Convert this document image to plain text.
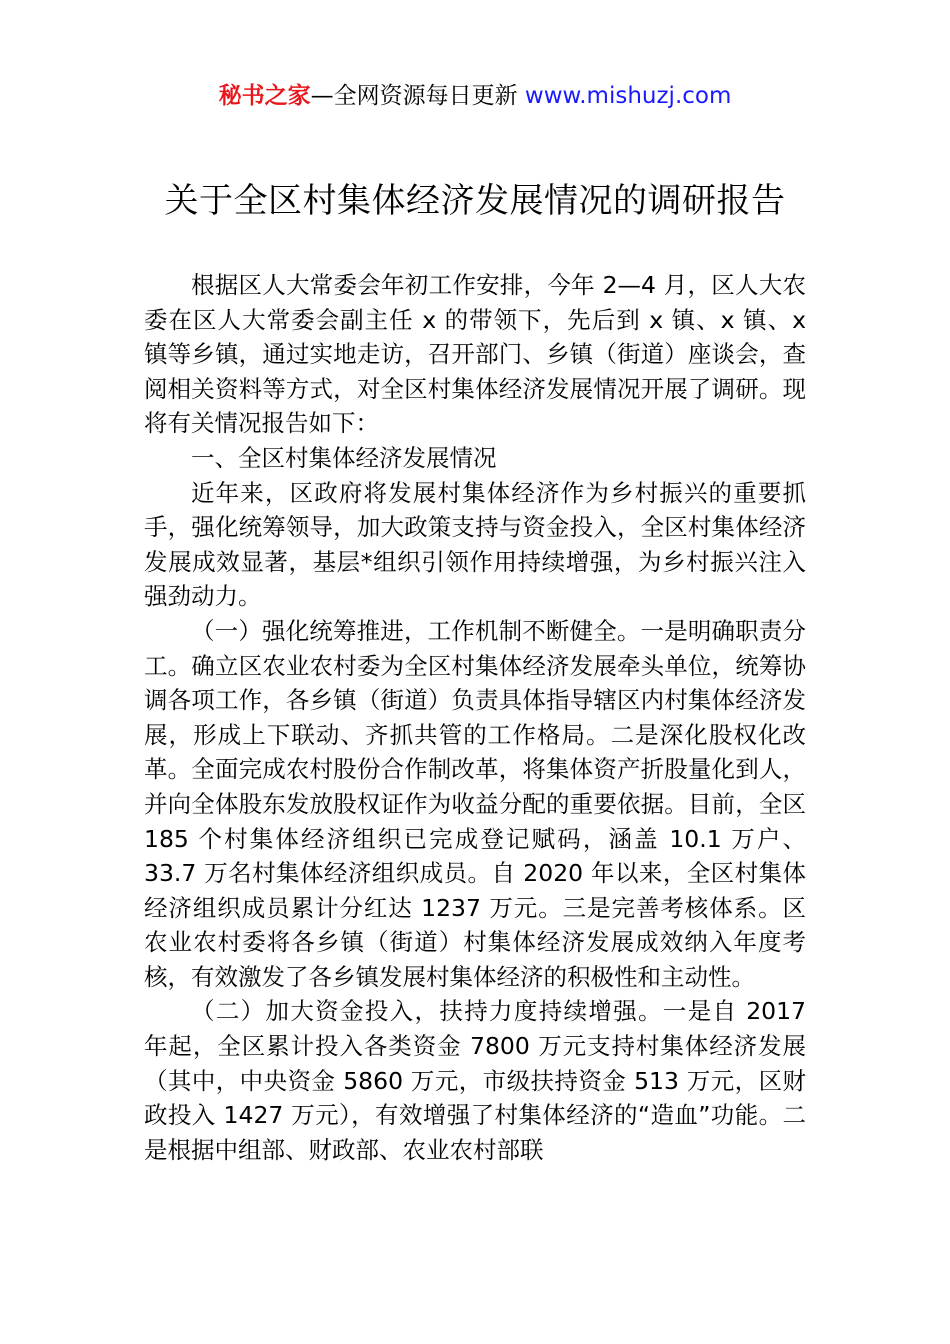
秘书之家—全网资源每日更新 www.mishuzj.com
关于全区村集体经济发展情况的调研报告

根据区人大常委会年初工作安排，今年 2—4 月，区人大农委在区人大常委会副主任 x 的带领下，先后到 x 镇、x 镇、x 镇等乡镇，通过实地走访，召开部门、乡镇（街道）座谈会，查阅相关资料等方式，对全区村集体经济发展情况开展了调研。现将有关情况报告如下：

一、全区村集体经济发展情况

近年来，区政府将发展村集体经济作为乡村振兴的重要抓手，强化统筹领导，加大政策支持与资金投入，全区村集体经济发展成效显著，基层*组织引领作用持续增强，为乡村振兴注入强劲动力。

（一）强化统筹推进，工作机制不断健全。一是明确职责分工。确立区农业农村委为全区村集体经济发展牵头单位，统筹协调各项工作，各乡镇（街道）负责具体指导辖区内村集体经济发展，形成上下联动、齐抓共管的工作格局。二是深化股权化改革。全面完成农村股份合作制改革，将集体资产折股量化到人，并向全体股东发放股权证作为收益分配的重要依据。目前，全区 185 个村集体经济组织已完成登记赋码，涵盖 10.1 万户、33.7 万名村集体经济组织成员。自 2020 年以来，全区村集体经济组织成员累计分红达 1237 万元。三是完善考核体系。区农业农村委将各乡镇（街道）村集体经济发展成效纳入年度考核，有效激发了各乡镇发展村集体经济的积极性和主动性。

（二）加大资金投入，扶持力度持续增强。一是自 2017 年起，全区累计投入各类资金 7800 万元支持村集体经济发展（其中，中央资金 5860 万元，市级扶持资金 513 万元，区财政投入 1427 万元），有效增强了村集体经济的“造血”功能。二是根据中组部、财政部、农业农村部联
